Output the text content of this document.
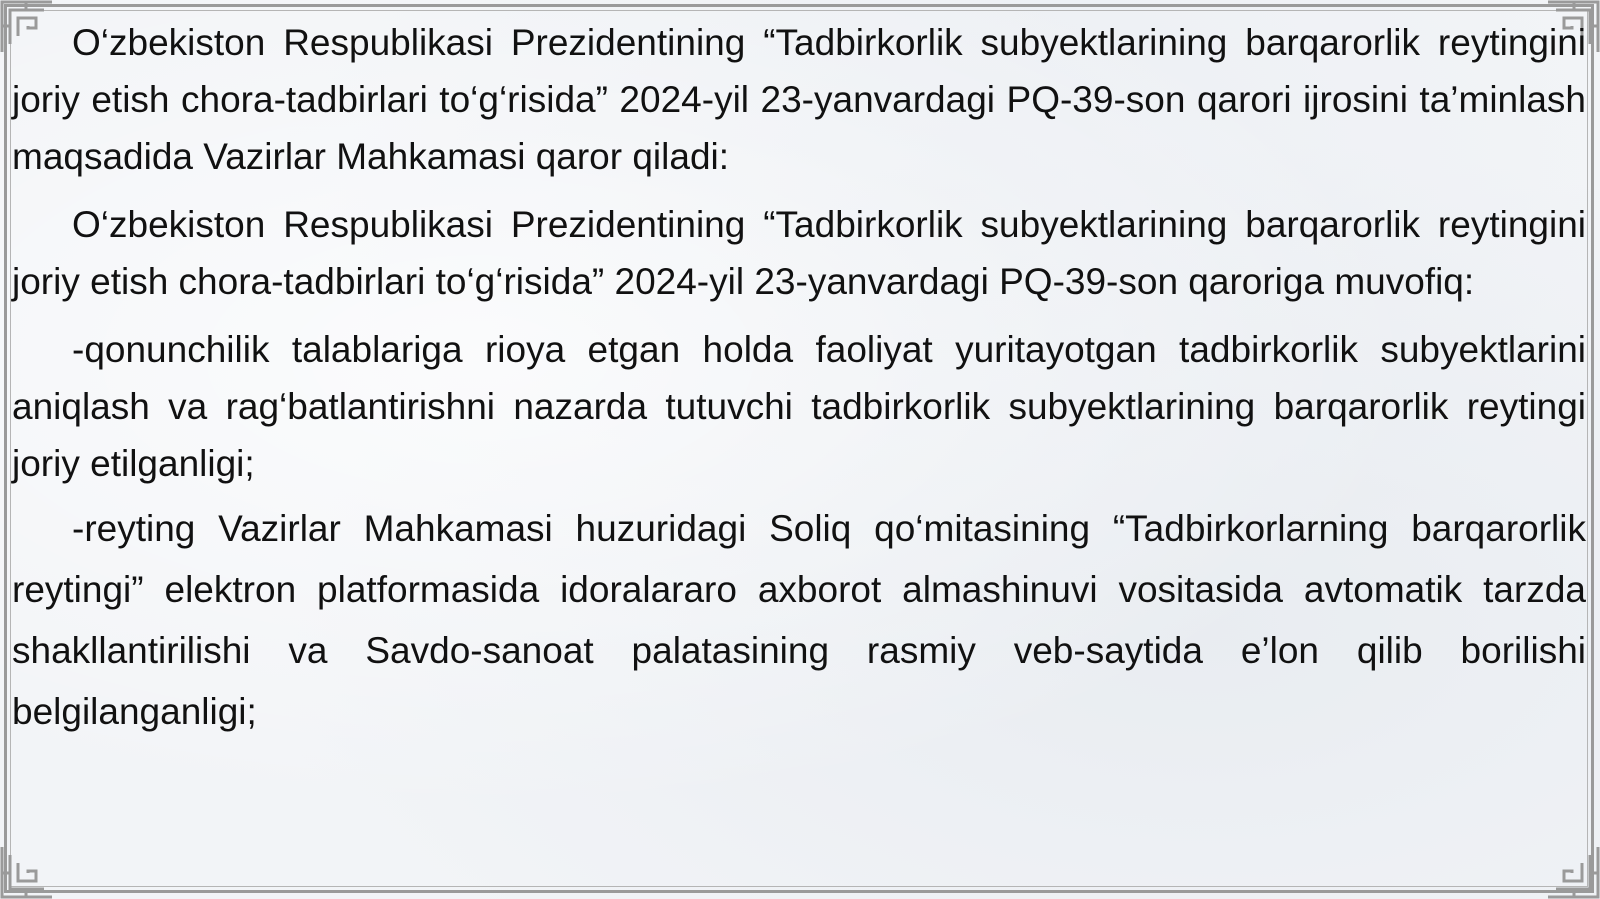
O‘zbekiston Respublikasi Prezidentining “Tadbirkorlik subyektlarining barqarorlik reytingini joriy etish chora-tadbirlari to‘g‘risida” 2024-yil 23-yanvardagi PQ-39-son qarori ijrosini ta’minlash maqsadida Vazirlar Mahkamasi qaror qiladi:

O‘zbekiston Respublikasi Prezidentining “Tadbirkorlik subyektlarining barqarorlik reytingini joriy etish chora-tadbirlari to‘g‘risida” 2024-yil 23-yanvardagi PQ-39-son qaroriga muvofiq:

-qonunchilik talablariga rioya etgan holda faoliyat yuritayotgan tadbirkorlik subyektlarini aniqlash va rag‘batlantirishni nazarda tutuvchi tadbirkorlik subyektlarining barqarorlik reytingi joriy etilganligi;

-reyting Vazirlar Mahkamasi huzuridagi Soliq qo‘mitasining “Tadbirkorlarning barqarorlik reytingi” elektron platformasida idoralararo axborot almashinuvi vositasida avtomatik tarzda shakllantirilishi va Savdo-sanoat palatasining rasmiy veb-saytida e’lon qilib borilishi belgilanganligi;
